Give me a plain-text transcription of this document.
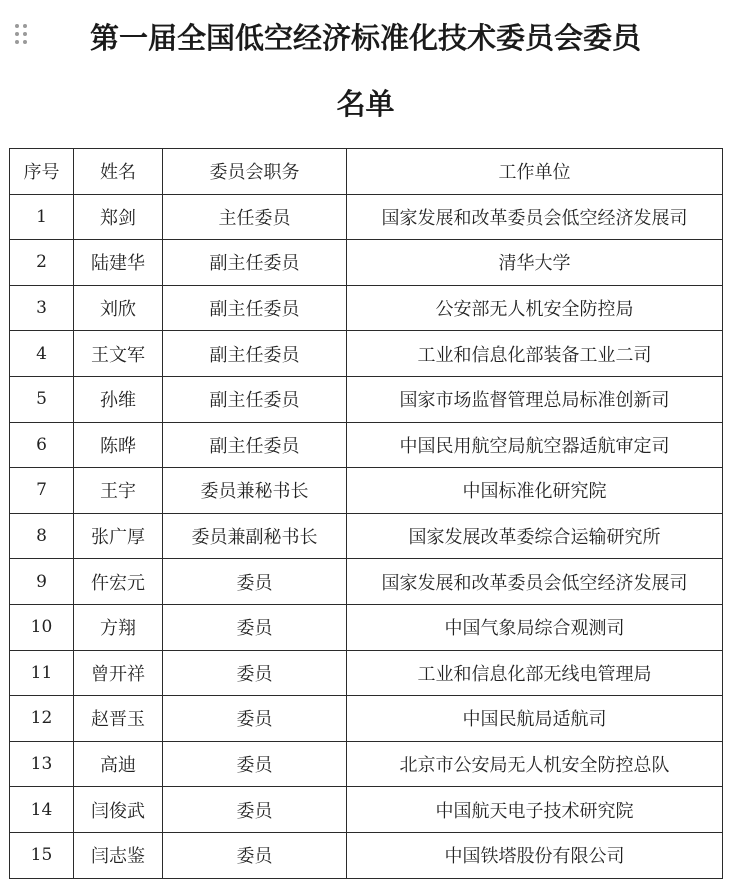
第一届全国低空经济标准化技术委员会委员
名单
序号	姓名	委员会职务	工作单位
1	郑剑	主任委员	国家发展和改革委员会低空经济发展司
2	陆建华	副主任委员	清华大学
3	刘欣	副主任委员	公安部无人机安全防控局
4	王文军	副主任委员	工业和信息化部装备工业二司
5	孙维	副主任委员	国家市场监督管理总局标准创新司
6	陈晔	副主任委员	中国民用航空局航空器适航审定司
7	王宇	委员兼秘书长	中国标准化研究院
8	张广厚	委员兼副秘书长	国家发展改革委综合运输研究所
9	仵宏元	委员	国家发展和改革委员会低空经济发展司
10	方翔	委员	中国气象局综合观测司
11	曾开祥	委员	工业和信息化部无线电管理局
12	赵晋玉	委员	中国民航局适航司
13	高迪	委员	北京市公安局无人机安全防控总队
14	闫俊武	委员	中国航天电子技术研究院
15	闫志鉴	委员	中国铁塔股份有限公司
